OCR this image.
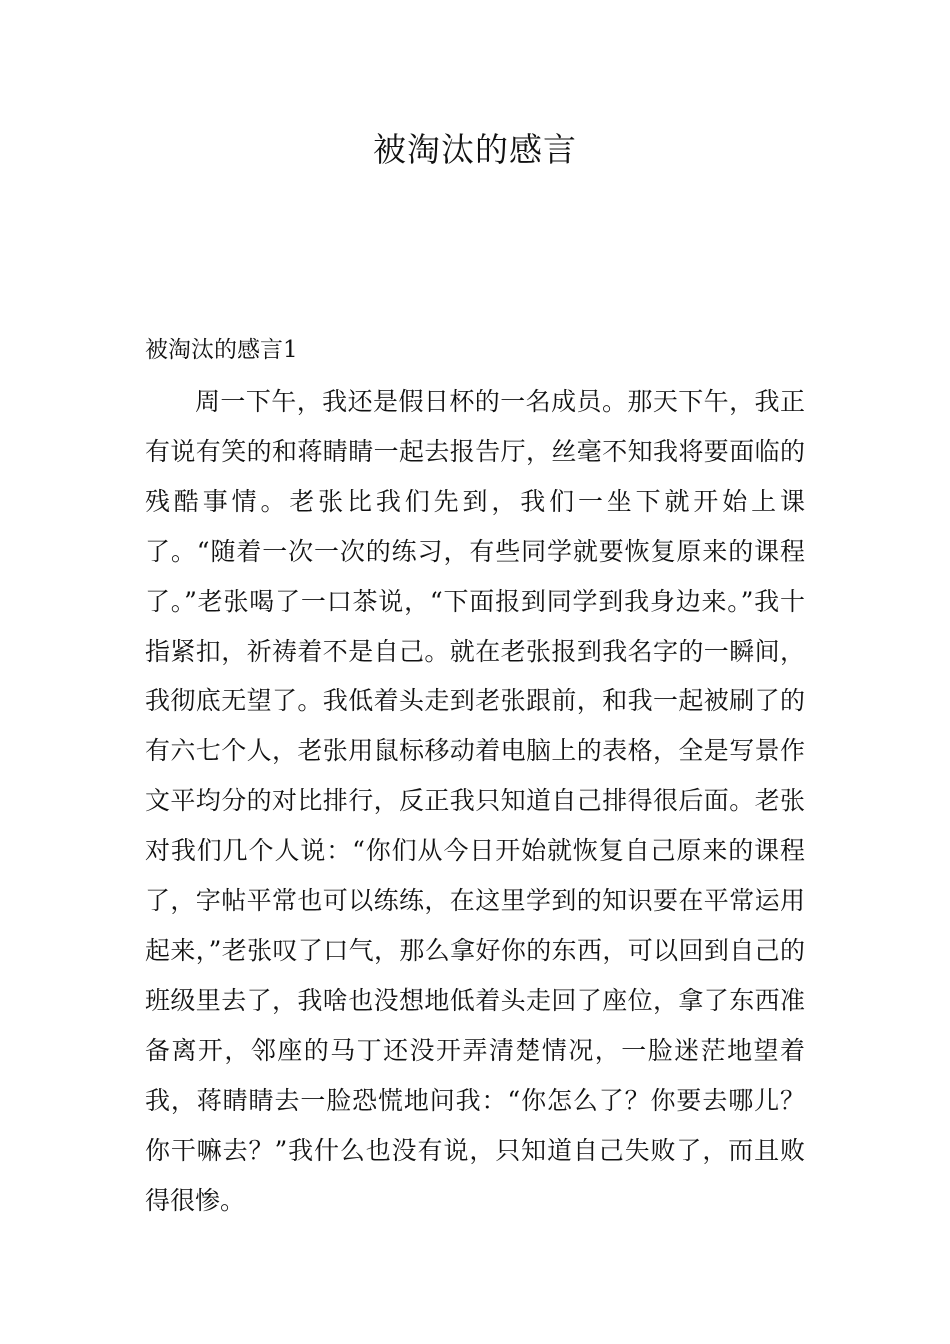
被淘汰的感言
被淘汰的感言1

周一下午，我还是假日杯的一名成员。那天下午，我正有说有笑的和蒋睛睛一起去报告厅，丝毫不知我将要面临的残酷事情。老张比我们先到，我们一坐下就开始上课了。“随着一次一次的练习，有些同学就要恢复原来的课程了。”老张喝了一口茶说，“下面报到同学到我身边来。”我十指紧扣，祈祷着不是自己。就在老张报到我名字的一瞬间，我彻底无望了。我低着头走到老张跟前，和我一起被刷了的有六七个人，老张用鼠标移动着电脑上的表格，全是写景作文平均分的对比排行，反正我只知道自己排得很后面。老张对我们几个人说：“你们从今日开始就恢复自己原来的课程了，字帖平常也可以练练，在这里学到的知识要在平常运用起来，”老张叹了口气，那么拿好你的东西，可以回到自己的班级里去了，我啥也没想地低着头走回了座位，拿了东西准备离开，邻座的马丁还没开弄清楚情况，一脸迷茫地望着我，蒋睛睛去一脸恐慌地问我：“你怎么了？你要去哪儿？你干嘛去？”我什么也没有说，只知道自己失败了，而且败得很惨。
